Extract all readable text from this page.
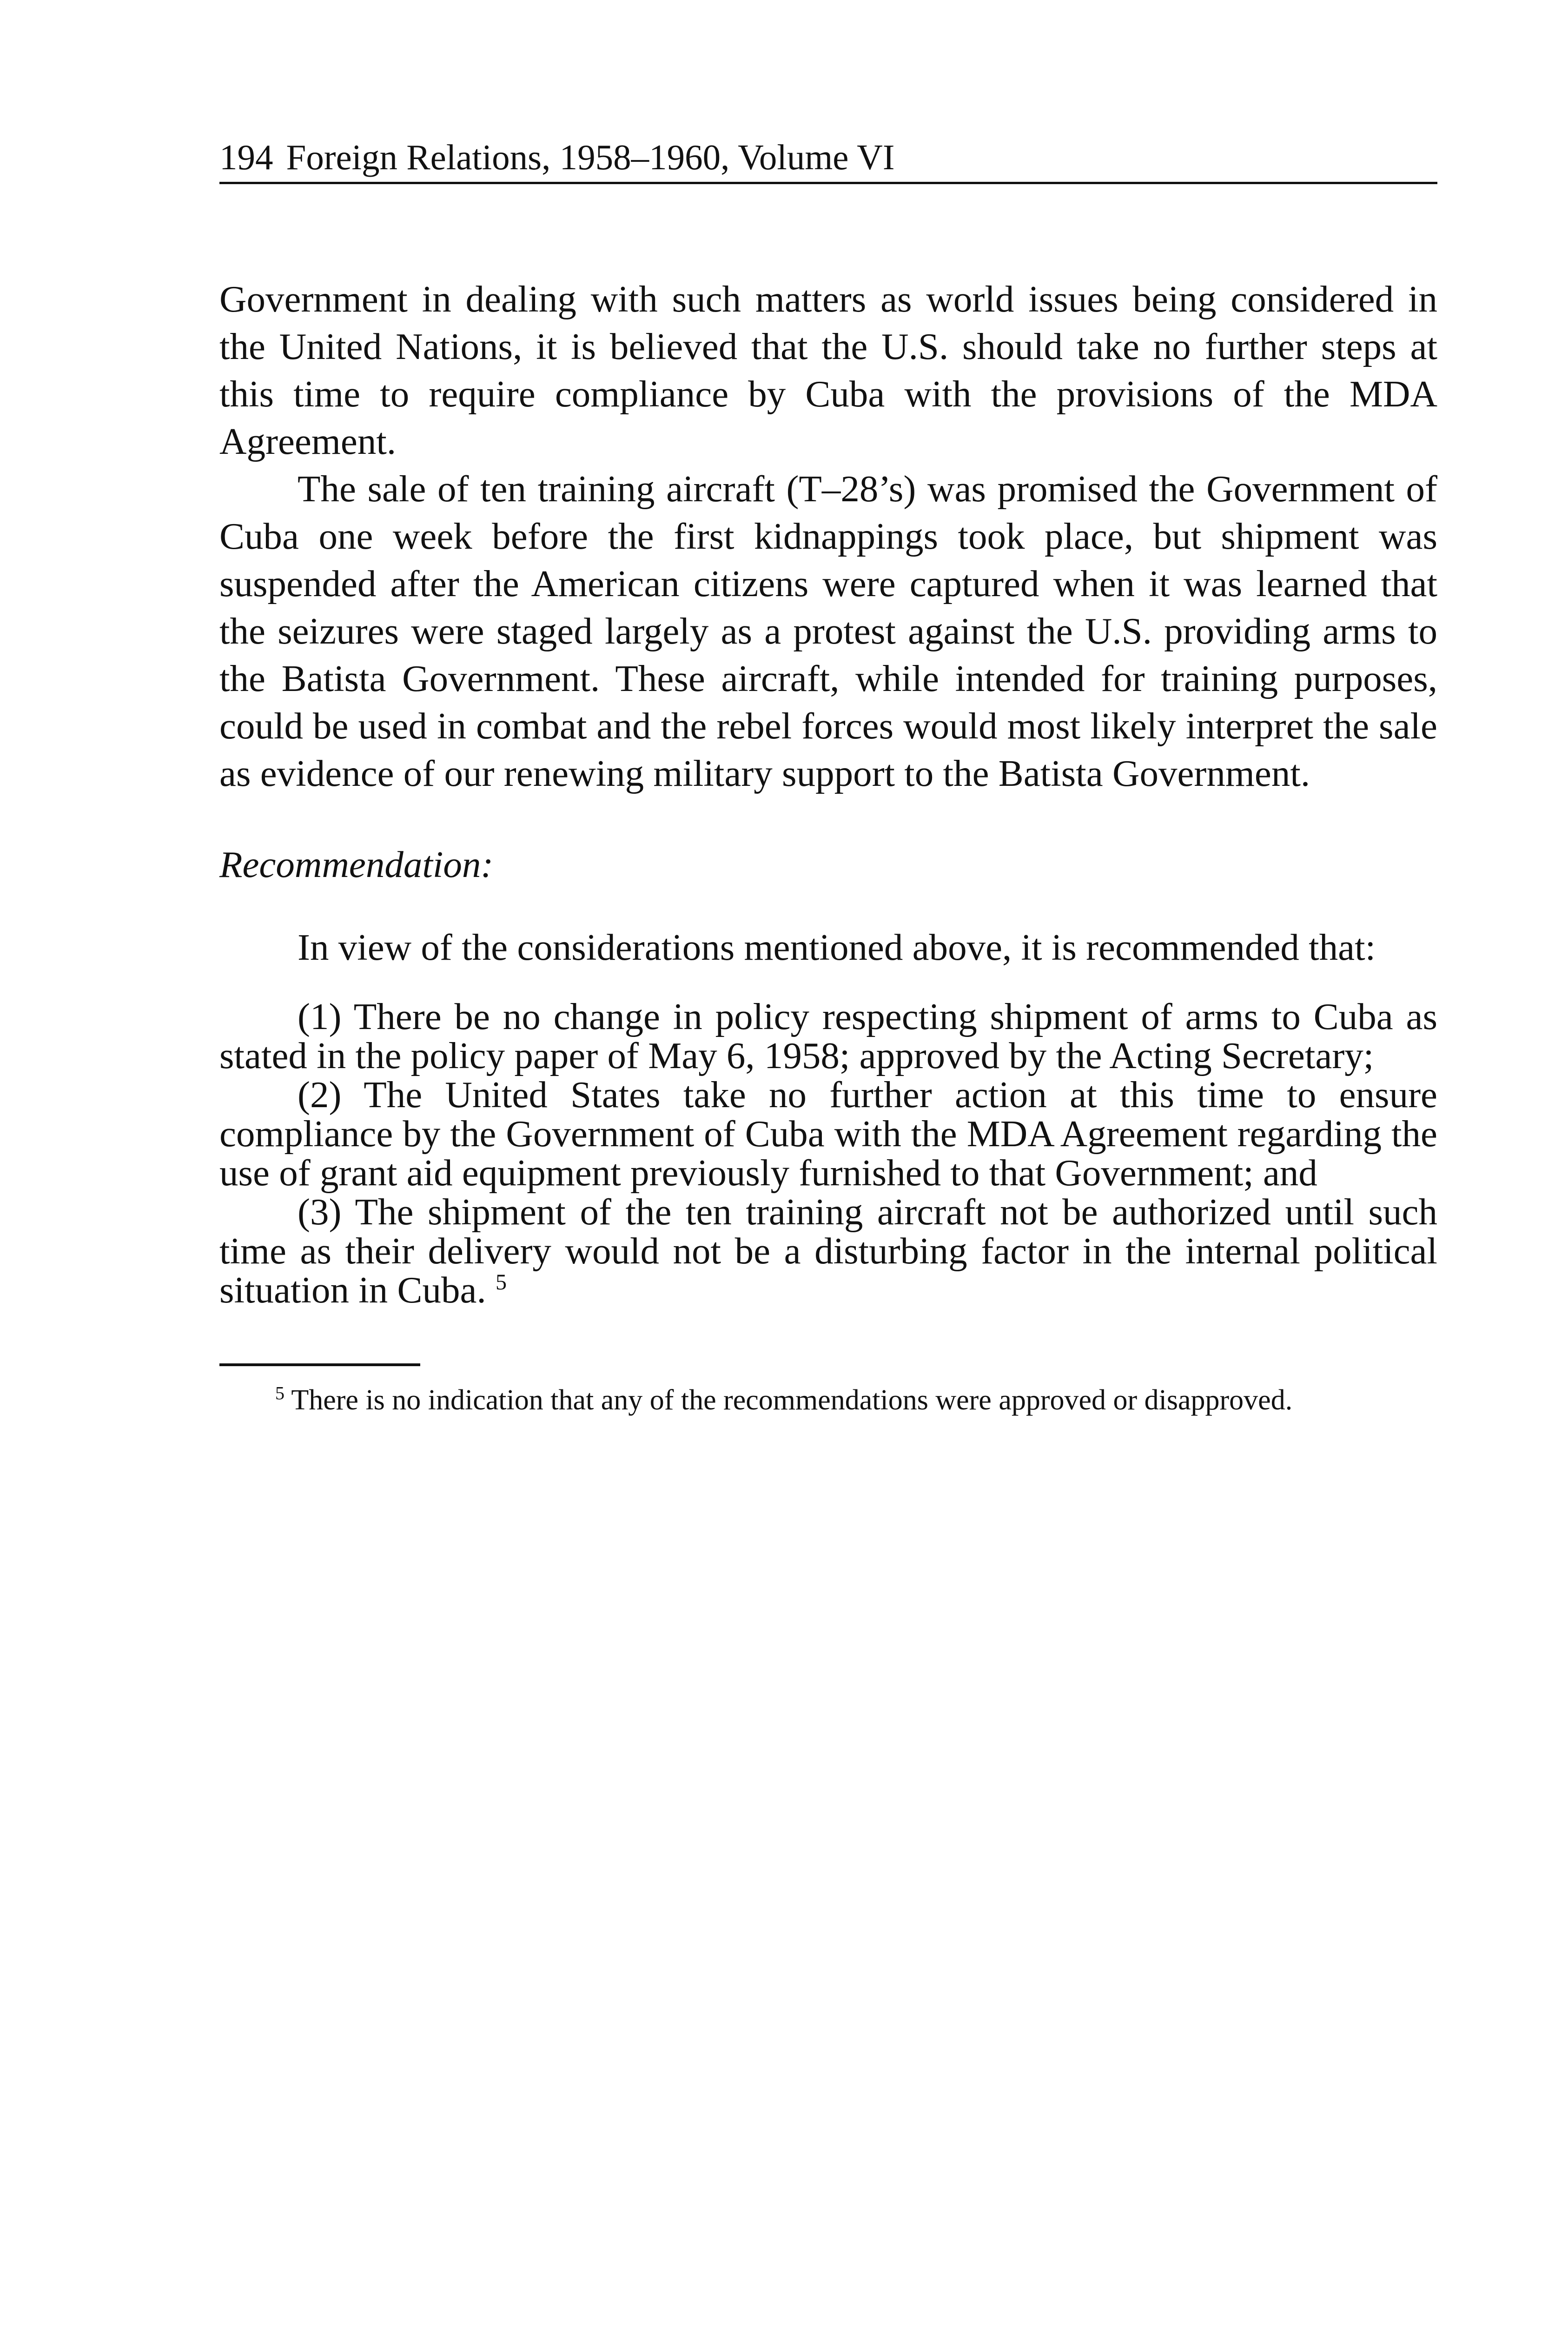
194 Foreign Relations, 1958–1960, Volume VI

Government in dealing with such matters as world issues being considered in the United Nations, it is believed that the U.S. should take no further steps at this time to require compliance by Cuba with the provisions of the MDA Agreement.

The sale of ten training aircraft (T–28’s) was promised the Government of Cuba one week before the first kidnappings took place, but shipment was suspended after the American citizens were captured when it was learned that the seizures were staged largely as a protest against the U.S. providing arms to the Batista Government. These aircraft, while intended for training purposes, could be used in combat and the rebel forces would most likely interpret the sale as evidence of our renewing military support to the Batista Government.

Recommendation:

In view of the considerations mentioned above, it is recommended that:

(1) There be no change in policy respecting shipment of arms to Cuba as stated in the policy paper of May 6, 1958; approved by the Acting Secretary;

(2) The United States take no further action at this time to ensure compliance by the Government of Cuba with the MDA Agreement regarding the use of grant aid equipment previously furnished to that Government; and

(3) The shipment of the ten training aircraft not be authorized until such time as their delivery would not be a disturbing factor in the internal political situation in Cuba. $^5$

$^5$ There is no indication that any of the recommendations were approved or disapproved.
